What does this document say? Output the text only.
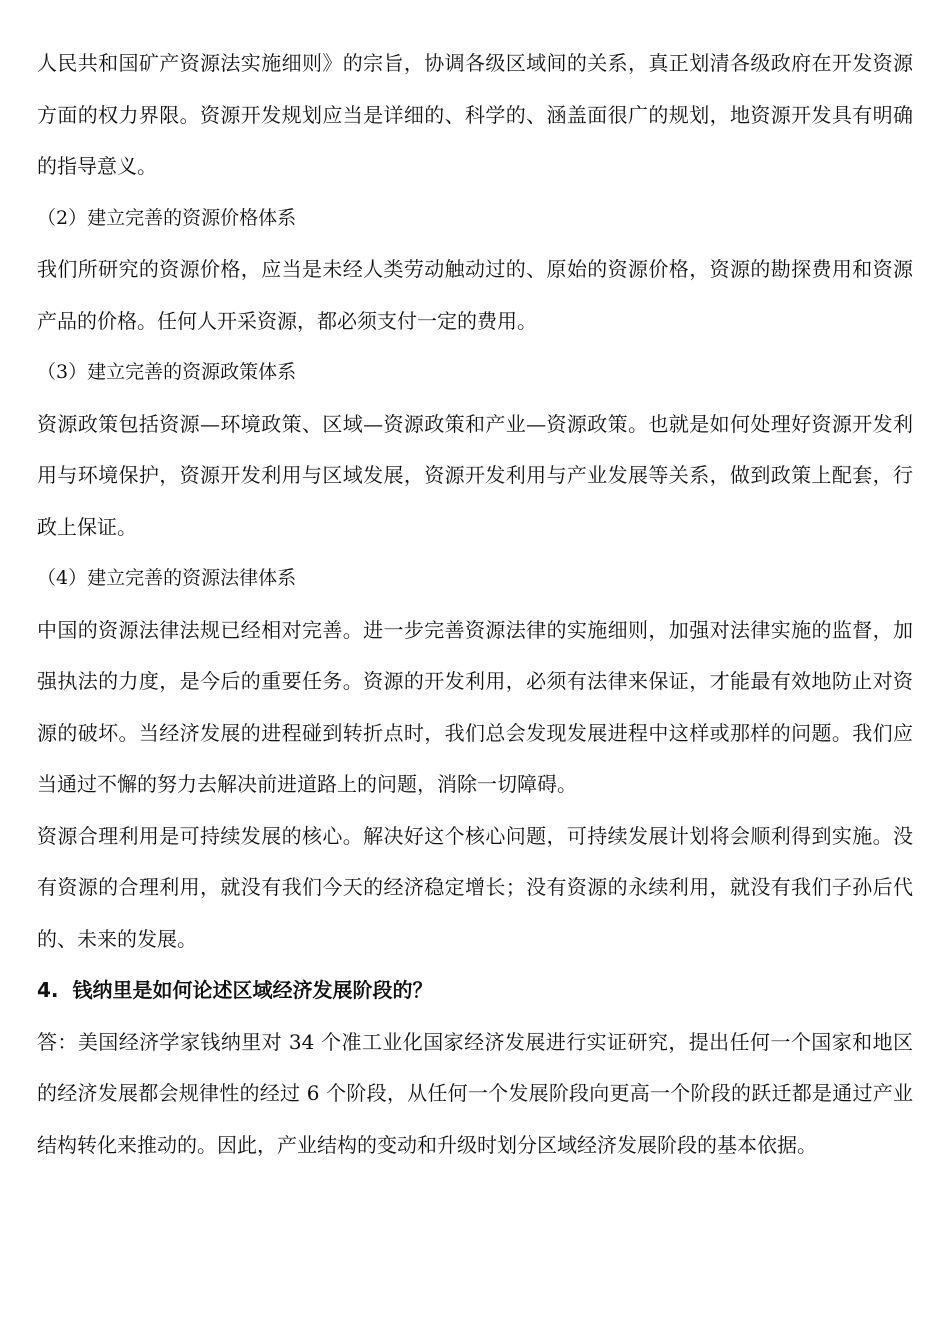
人民共和国矿产资源法实施细则》的宗旨，协调各级区域间的关系，真正划清各级政府在开发资源方面的权力界限。资源开发规划应当是详细的、科学的、涵盖面很广的规划，地资源开发具有明确的指导意义。

（2）建立完善的资源价格体系

我们所研究的资源价格，应当是未经人类劳动触动过的、原始的资源价格，资源的勘探费用和资源产品的价格。任何人开采资源，都必须支付一定的费用。

（3）建立完善的资源政策体系

资源政策包括资源—环境政策、区域—资源政策和产业—资源政策。也就是如何处理好资源开发利用与环境保护，资源开发利用与区域发展，资源开发利用与产业发展等关系，做到政策上配套，行政上保证。

（4）建立完善的资源法律体系

中国的资源法律法规已经相对完善。进一步完善资源法律的实施细则，加强对法律实施的监督，加强执法的力度，是今后的重要任务。资源的开发利用，必须有法律来保证，才能最有效地防止对资源的破坏。当经济发展的进程碰到转折点时，我们总会发现发展进程中这样或那样的问题。我们应当通过不懈的努力去解决前进道路上的问题，消除一切障碍。

资源合理利用是可持续发展的核心。解决好这个核心问题，可持续发展计划将会顺利得到实施。没有资源的合理利用，就没有我们今天的经济稳定增长；没有资源的永续利用，就没有我们子孙后代的、未来的发展。

4. 钱纳里是如何论述区域经济发展阶段的？

答：美国经济学家钱纳里对 34 个准工业化国家经济发展进行实证研究，提出任何一个国家和地区的经济发展都会规律性的经过 6 个阶段，从任何一个发展阶段向更高一个阶段的跃迁都是通过产业结构转化来推动的。因此，产业结构的变动和升级时划分区域经济发展阶段的基本依据。
